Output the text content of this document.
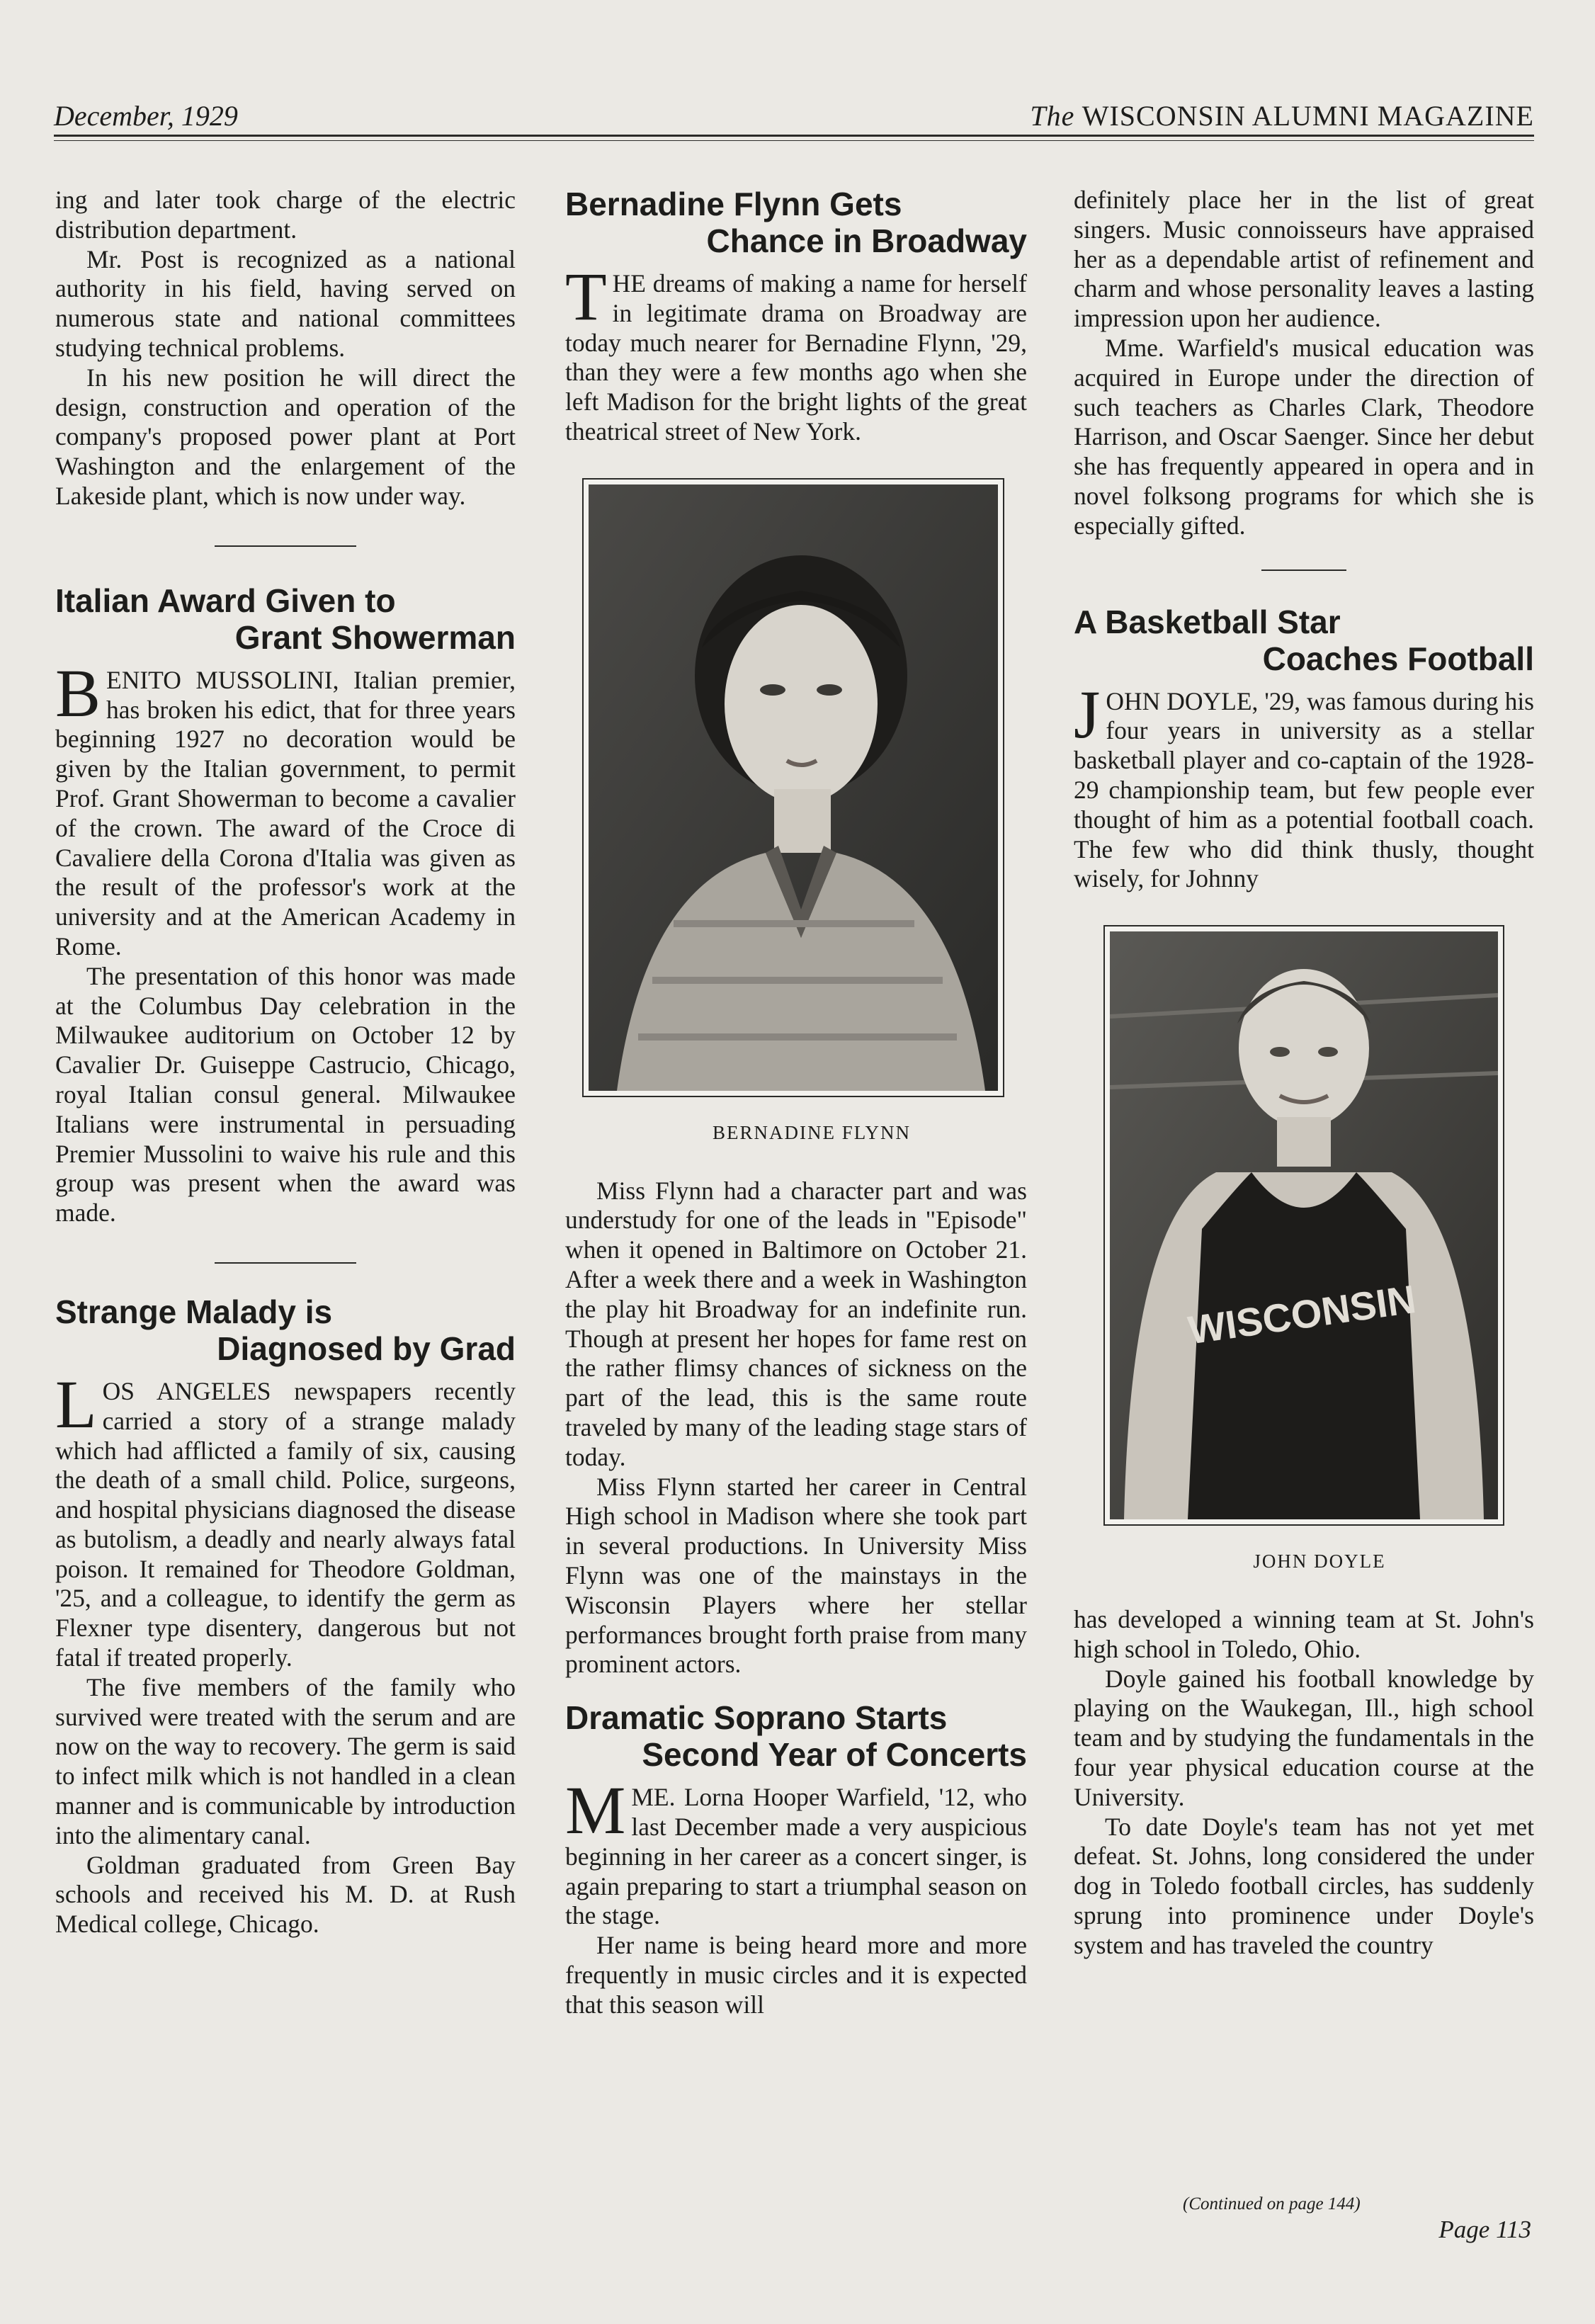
December, 1929	The WISCONSIN ALUMNI MAGAZINE

ing and later took charge of the electric distribution department.

Mr. Post is recognized as a national authority in his field, having served on numerous state and national committees studying technical problems.

In his new position he will direct the design, construction and operation of the company's proposed power plant at Port Washington and the enlargement of the Lakeside plant, which is now under way.

Italian Award Given to
Grant Showerman

BENITO MUSSOLINI, Italian premier, has broken his edict, that for three years beginning 1927 no decoration would be given by the Italian government, to permit Prof. Grant Showerman to become a cavalier of the crown. The award of the Croce di Cavaliere della Corona d'Italia was given as the result of the professor's work at the university and at the American Academy in Rome.

The presentation of this honor was made at the Columbus Day celebration in the Milwaukee auditorium on October 12 by Cavalier Dr. Guiseppe Castrucio, Chicago, royal Italian consul general. Milwaukee Italians were instrumental in persuading Premier Mussolini to waive his rule and this group was present when the award was made.

Strange Malady is
Diagnosed by Grad

LOS ANGELES newspapers recently carried a story of a strange malady which had afflicted a family of six, causing the death of a small child. Police, surgeons, and hospital physicians diagnosed the disease as butolism, a deadly and nearly always fatal poison. It remained for Theodore Goldman, '25, and a colleague, to identify the germ as Flexner type disentery, dangerous but not fatal if treated properly.

The five members of the family who survived were treated with the serum and are now on the way to recovery. The germ is said to infect milk which is not handled in a clean manner and is communicable by introduction into the alimentary canal.

Goldman graduated from Green Bay schools and received his M. D. at Rush Medical college, Chicago.

Bernadine Flynn Gets
Chance in Broadway

THE dreams of making a name for herself in legitimate drama on Broadway are today much nearer for Bernadine Flynn, '29, than they were a few months ago when she left Madison for the bright lights of the great theatrical street of New York.

BERNADINE FLYNN

Miss Flynn had a character part and was understudy for one of the leads in "Episode" when it opened in Baltimore on October 21. After a week there and a week in Washington the play hit Broadway for an indefinite run. Though at present her hopes for fame rest on the rather flimsy chances of sickness on the part of the lead, this is the same route traveled by many of the leading stage stars of today.

Miss Flynn started her career in Central High school in Madison where she took part in several productions. In University Miss Flynn was one of the mainstays in the Wisconsin Players where her stellar performances brought forth praise from many prominent actors.

Dramatic Soprano Starts
Second Year of Concerts

MME. Lorna Hooper Warfield, '12, who last December made a very auspicious beginning in her career as a concert singer, is again preparing to start a triumphal season on the stage.

Her name is being heard more and more frequently in music circles and it is expected that this season will

definitely place her in the list of great singers. Music connoisseurs have appraised her as a dependable artist of refinement and charm and whose personality leaves a lasting impression upon her audience.

Mme. Warfield's musical education was acquired in Europe under the direction of such teachers as Charles Clark, Theodore Harrison, and Oscar Saenger. Since her debut she has frequently appeared in opera and in novel folksong programs for which she is especially gifted.

A Basketball Star
Coaches Football

JOHN DOYLE, '29, was famous during his four years in university as a stellar basketball player and co-captain of the 1928-29 championship team, but few people ever thought of him as a potential football coach. The few who did think thusly, thought wisely, for Johnny

WISCONSIN

JOHN DOYLE

has developed a winning team at St. John's high school in Toledo, Ohio.

Doyle gained his football knowledge by playing on the Waukegan, Ill., high school team and by studying the fundamentals in the four year physical education course at the University.

To date Doyle's team has not yet met defeat. St. Johns, long considered the under dog in Toledo football circles, has suddenly sprung into prominence under Doyle's system and has traveled the country

(Continued on page 144)
Page 113
